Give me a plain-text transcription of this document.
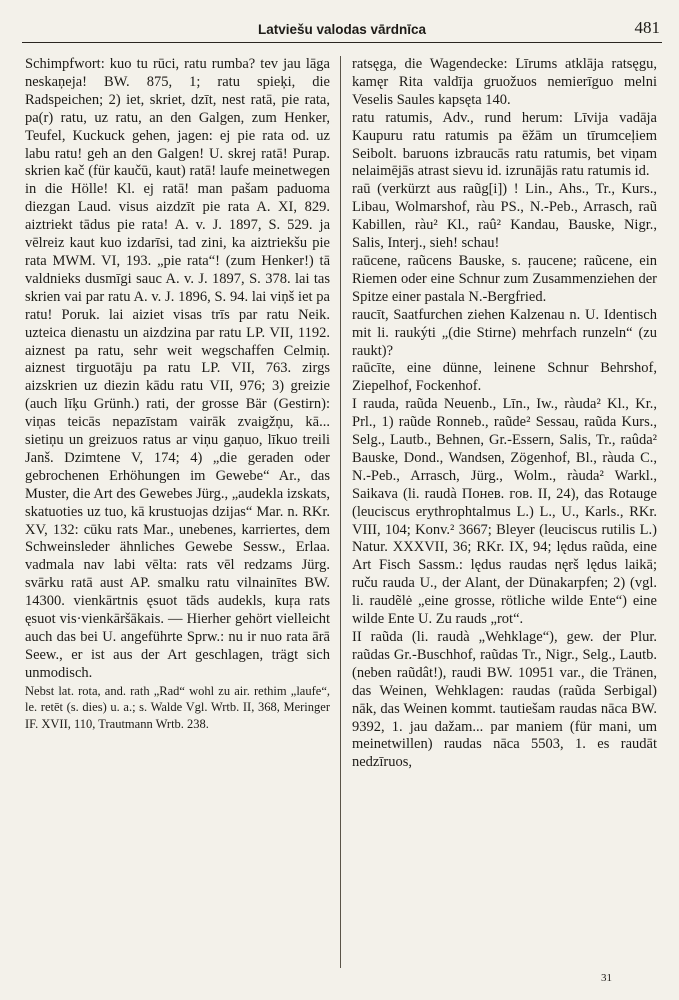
Latviešu valodas vārdnīca	481

Schimpfwort: kuo tu rūci, ratu rumba? tev jau lāga neskaņeja! BW. 875, 1; ratu spieķi, die Radspeichen; 2) iet, skriet, dzīt, nest ratā, pie rata, pa(r) ratu, uz ratu, an den Galgen, zum Henker, Teufel, Kuckuck gehen, jagen: ej pie rata od. uz labu ratu! geh an den Galgen! U. skrej ratā! Purap. skrien kač (für kaučū, kaut) ratā! laufe meinetwegen in die Hölle! Kl. ej ratā! man pašam paduoma diezgan Laud. visus aizdzīt pie rata A. XI, 829. aiztriekt tādus pie rata! A. v. J. 1897, S. 529. ja vēlreiz kaut kuo izdarīsi, tad zini, ka aiztriekšu pie rata MWM. VI, 193. „pie rata“! (zum Henker!) tā valdnieks dusmīgi sauc A. v. J. 1897, S. 378. lai tas skrien vai par ratu A. v. J. 1896, S. 94. lai viņš iet pa ratu! Poruk. lai aiziet visas trīs par ratu Neik. uzteica dienastu un aizdzina par ratu LP. VII, 1192. aiznest pa ratu, sehr weit wegschaffen Celmiņ. aiznest tirguotāju pa ratu LP. VII, 763. zirgs aizskrien uz diezin kādu ratu VII, 976; 3) greizie (auch līķu Grünh.) rati, der grosse Bär (Gestirn): viņas teicās nepazīstam vairāk zvaigžņu, kā... sietiņu un greizuos ratus ar viņu gaņuo, līkuo treili Janš. Dzimtene V, 174; 4) „die geraden oder gebrochenen Erhöhungen im Gewebe“ Ar., das Muster, die Art des Gewebes Jürg., „audekla izskats, skatuoties uz tuo, kā krustuojas dzijas“ Mar. n. RKr. XV, 132: cūku rats Mar., unebenes, karriertes, dem Schweinsleder ähnliches Gewebe Sessw., Erlaa. vadmala nav labi vēlta: rats vēl redzams Jürg. svārku ratā aust AP. smalku ratu vilnainītes BW. 14300. vienkārtnis ęsuot tāds audekls, kuŗa rats ęsuot vis·vienkāršākais. — Hierher gehört vielleicht auch das bei U. angeführte Sprw.: nu ir nuo rata ārā Seew., er ist aus der Art geschlagen, trägt sich unmodisch.

Nebst lat. rota, and. rath „Rad“ wohl zu air. rethim „laufe“, le. retēt (s. dies) u. a.; s. Walde Vgl. Wrtb. II, 368, Meringer IF. XVII, 110, Trautmann Wrtb. 238.

ratsęga, die Wagendecke: Līrums atklāja ratsęgu, kamęr Rita valdīja gruožuos nemierīguo melni Veselis Saules kapsęta 140.

ratu ratumis, Adv., rund herum: Līvija vadāja Kaupuru ratu ratumis pa ēžām un tīrumceļiem Seibolt. baruons izbraucās ratu ratumis, bet viņam nelaimējās atrast sievu id. izrunājās ratu ratumis id.

raū (verkürzt aus raũg[i]) ! Lin., Ahs., Tr., Kurs., Libau, Wolmarshof, ràu PS., N.-Peb., Arrasch, raũ Kabillen, ràu² Kl., raû² Kandau, Bauske, Nigr., Salis, Interj., sieh! schau!

raūcene, raũcens Bauske, s. ŗaucene; raũcene, ein Riemen oder eine Schnur zum Zusammenziehen der Spitze einer pastala N.-Bergfried.

raucīt, Saatfurchen ziehen Kalzenau n. U. Identisch mit li. raukýti „(die Stirne) mehrfach runzeln“ (zu raukt)?

raūcīte, eine dünne, leinene Schnur Behrshof, Ziepelhof, Fockenhof.

I rauda, raũda Neuenb., Līn., Iw., ràuda² Kl., Kr., Prl., 1) raũde Ronneb., raũde² Sessau, raũda Kurs., Selg., Lautb., Behnen, Gr.-Essern, Salis, Tr., raûda² Bauske, Dond., Wandsen, Zögenhof, Bl., ràuda C., N.-Peb., Arrasch, Jürg., Wolm., ràuda² Warkl., Saikava (li. raudà Понев. гов. II, 24), das Rotauge (leuciscus erythrophtalmus L.) L., U., Karls., RKr. VIII, 104; Konv.² 3667; Bleyer (leuciscus rutilis L.) Natur. XXXVII, 36; RKr. IX, 94; lędus raũda, eine Art Fisch Sassm.: lędus raudas nęrš lędus laikā; ruču rauda U., der Alant, der Dünakarpfen; 2) (vgl. li. raudẽlė „eine grosse, rötliche wilde Ente“) eine wilde Ente U. Zu rauds „rot“.

II raũda (li. raudà „Wehklage“), gew. der Plur. raũdas Gr.-Buschhof, raũdas Tr., Nigr., Selg., Lautb. (neben raũdât!), raudi BW. 10951 var., die Tränen, das Weinen, Wehklagen: raudas (raũda Serbigal) nāk, das Weinen kommt. tautiešam raudas nāca BW. 9392, 1. jau dažam... par maniem (für mani, um meinetwillen) raudas nāca 5503, 1. es raudāt nedzīruos,

31
